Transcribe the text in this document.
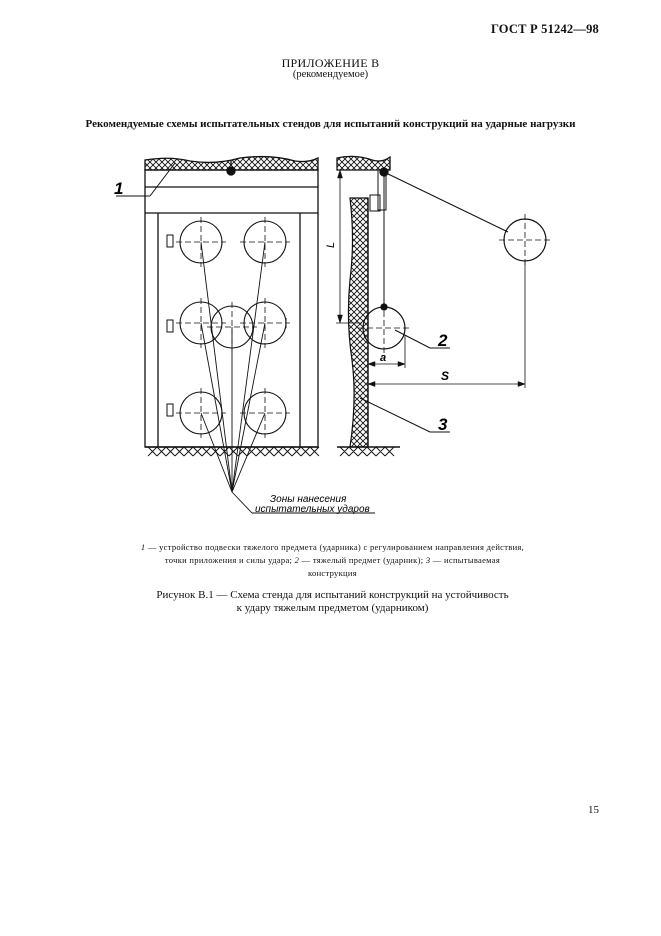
ГОСТ Р 51242—98
ПРИЛОЖЕНИЕ В
(рекомендуемое)
Рекомендуемые схемы испытательных стендов для испытаний конструкций на ударные нагрузки
1
2
3
L
a
S
Зоны нанесения
испытательных ударов
1 — устройство подвески тяжелого предмета (ударника) с регулированием направления действия, точки приложения и силы удара; 2 — тяжелый предмет (ударник); 3 — испытываемая конструкция
Рисунок В.1 — Схема стенда для испытаний конструкций на устойчивость
к удару тяжелым предметом (ударником)
15
